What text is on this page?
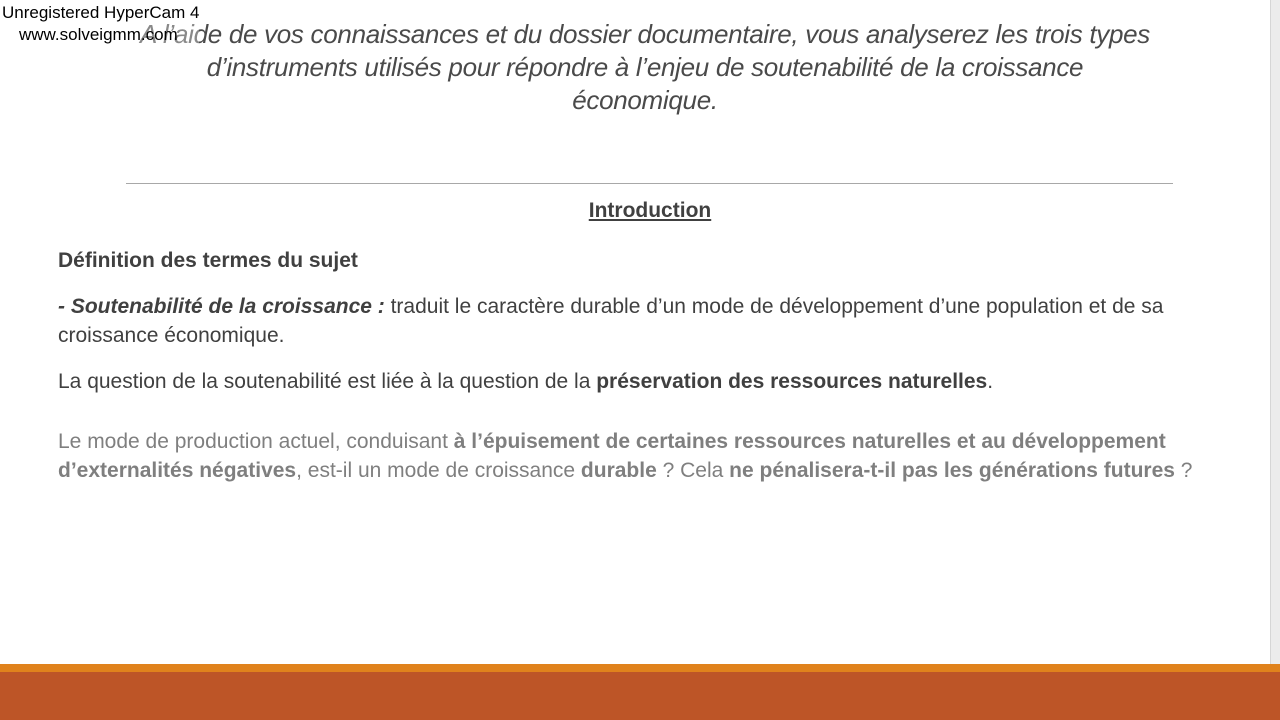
A l’aide de vos connaissances et du dossier documentaire, vous analyserez les trois types d’instruments utilisés pour répondre à l’enjeu de soutenabilité de la croissance économique.

Introduction

Définition des termes du sujet

- Soutenabilité de la croissance : traduit le caractère durable d’un mode de développement d’une population et de sa croissance économique.

La question de la soutenabilité est liée à la question de la préservation des ressources naturelles.

Le mode de production actuel, conduisant à l’épuisement de certaines ressources naturelles et au développement d’externalités négatives, est-il un mode de croissance durable ? Cela ne pénalisera-t-il pas les générations futures ?

Unregistered HyperCam 4
www.solveigmm.com
